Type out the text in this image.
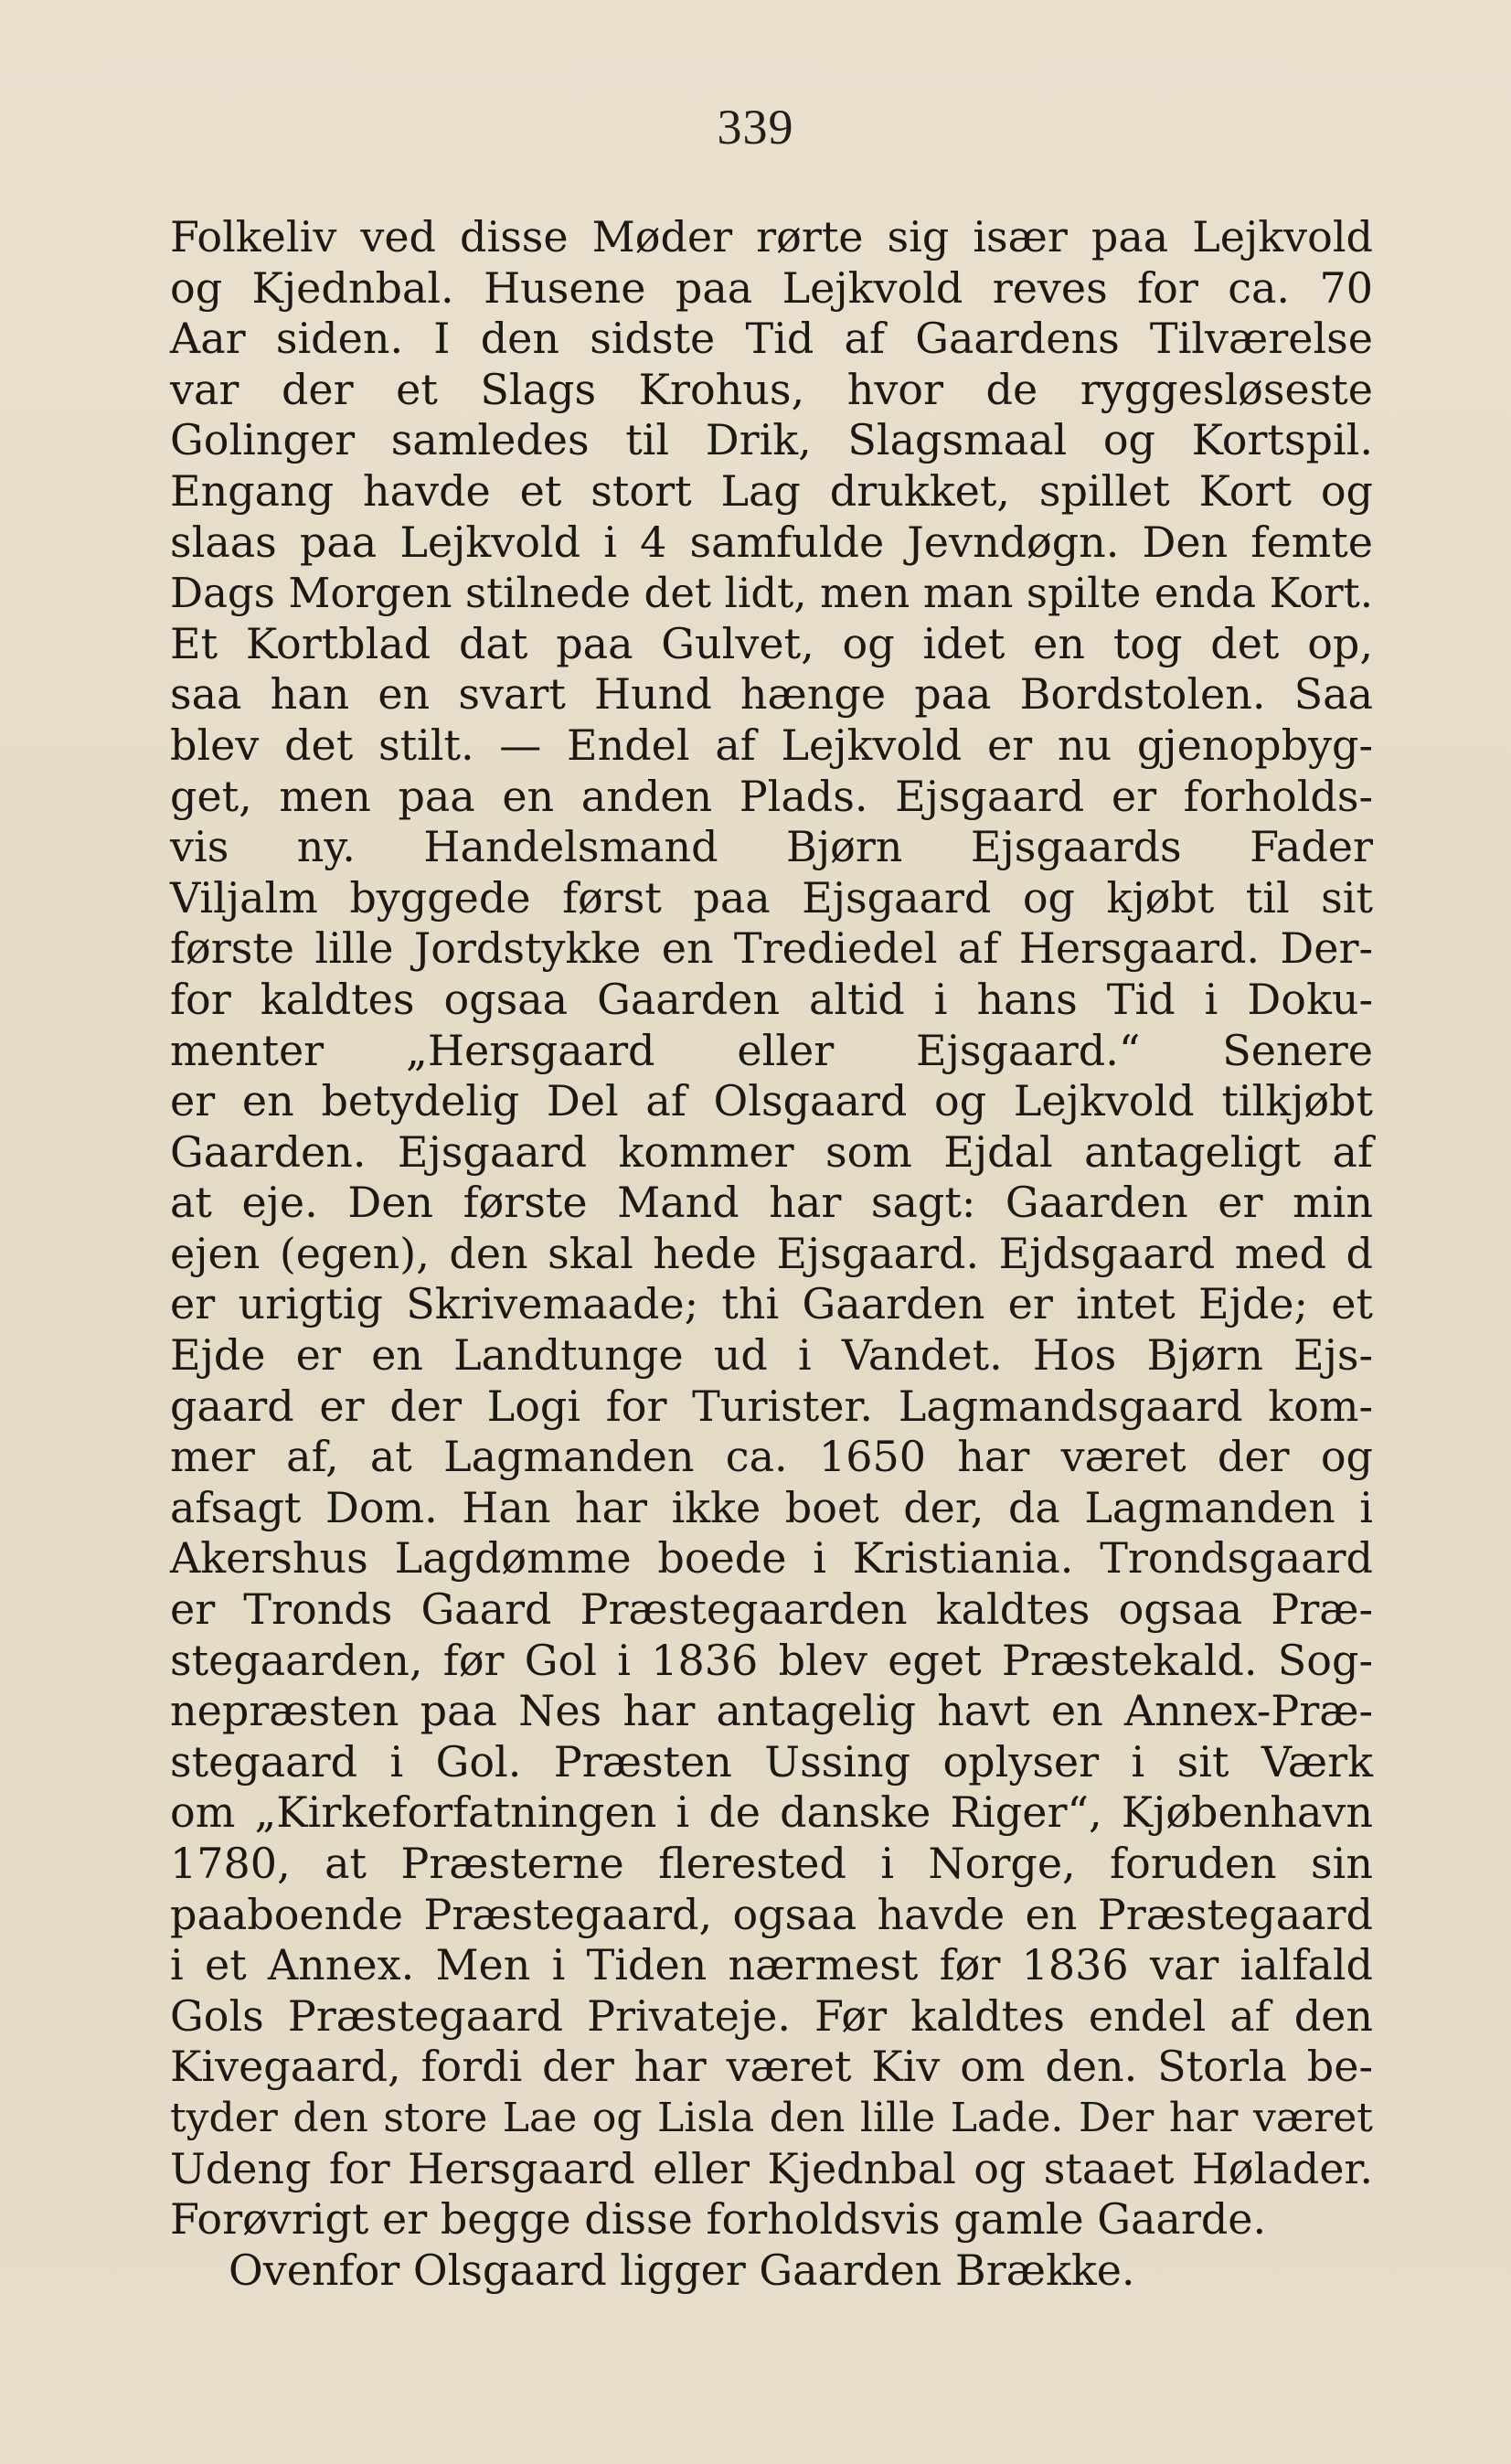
339
Folkeliv ved disse Møder rørte sig især paa Lejkvold
og Kjednbal. Husene paa Lejkvold reves for ca. 70
Aar siden. I den sidste Tid af Gaardens Tilværelse
var der et Slags Krohus, hvor de ryggesløseste
Golinger samledes til Drik, Slagsmaal og Kortspil.
Engang havde et stort Lag drukket, spillet Kort og
slaas paa Lejkvold i 4 samfulde Jevndøgn. Den femte
Dags Morgen stilnede det lidt, men man spilte enda Kort.
Et Kortblad dat paa Gulvet, og idet en tog det op,
saa han en svart Hund hænge paa Bordstolen. Saa
blev det stilt. — Endel af Lejkvold er nu gjenopbyg-
get, men paa en anden Plads. Ejsgaard er forholds-
vis ny. Handelsmand Bjørn Ejsgaards Fader
Viljalm byggede først paa Ejsgaard og kjøbt til sit
første lille Jordstykke en Trediedel af Hersgaard. Der-
for kaldtes ogsaa Gaarden altid i hans Tid i Doku-
menter „Hersgaard eller Ejsgaard.“ Senere
er en betydelig Del af Olsgaard og Lejkvold tilkjøbt
Gaarden. Ejsgaard kommer som Ejdal antageligt af
at eje. Den første Mand har sagt: Gaarden er min
ejen (egen), den skal hede Ejsgaard. Ejdsgaard med d
er urigtig Skrivemaade; thi Gaarden er intet Ejde; et
Ejde er en Landtunge ud i Vandet. Hos Bjørn Ejs-
gaard er der Logi for Turister. Lagmandsgaard kom-
mer af, at Lagmanden ca. 1650 har været der og
afsagt Dom. Han har ikke boet der, da Lagmanden i
Akershus Lagdømme boede i Kristiania. Trondsgaard
er Tronds Gaard Præstegaarden kaldtes ogsaa Præ-
stegaarden, før Gol i 1836 blev eget Præstekald. Sog-
nepræsten paa Nes har antagelig havt en Annex-Præ-
stegaard i Gol. Præsten Ussing oplyser i sit Værk
om „Kirkeforfatningen i de danske Riger“, Kjøbenhavn
1780, at Præsterne flerested i Norge, foruden sin
paaboende Præstegaard, ogsaa havde en Præstegaard
i et Annex. Men i Tiden nærmest før 1836 var ialfald
Gols Præstegaard Privateje. Før kaldtes endel af den
Kivegaard, fordi der har været Kiv om den. Storla be-
tyder den store Lae og Lisla den lille Lade. Der har været
Udeng for Hersgaard eller Kjednbal og staaet Hølader.
Forøvrigt er begge disse forholdsvis gamle Gaarde.
Ovenfor Olsgaard ligger Gaarden Brække.
